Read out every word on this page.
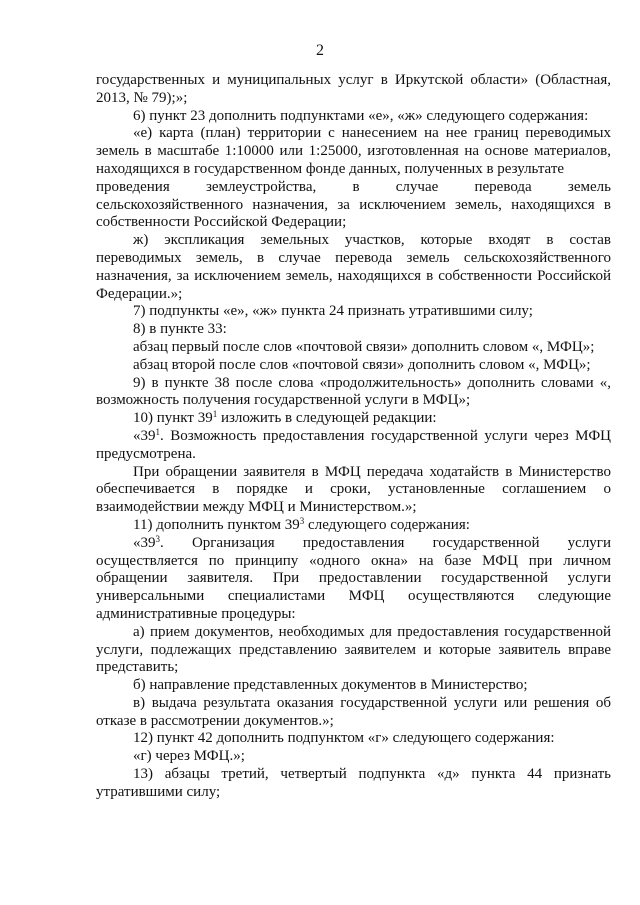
2

государственных и муниципальных услуг в Иркутской области» (Областная, 2013, № 79);»;

6) пункт 23 дополнить подпунктами «е», «ж» следующего содержания:

«е) карта (план) территории с нанесением на нее границ переводимых земель в масштабе 1:10000 или 1:25000, изготовленная на основе материалов, находящихся в государственном фонде данных, полученных в результате

проведения землеустройства, в случае перевода земель

сельскохозяйственного назначения, за исключением земель, находящихся в собственности Российской Федерации;

ж) экспликация земельных участков, которые входят в состав переводимых земель, в случае перевода земель сельскохозяйственного назначения, за исключением земель, находящихся в собственности Российской Федерации.»;

7) подпункты «е», «ж» пункта 24 признать утратившими силу;

8) в пункте 33:

абзац первый после слов «почтовой связи» дополнить словом «, МФЦ»;

абзац второй после слов «почтовой связи» дополнить словом «, МФЦ»;

9) в пункте 38 после слова «продолжительность» дополнить словами «, возможность получения государственной услуги в МФЦ»;

10) пункт $39^1$ изложить в следующей редакции:

«$39^1$. Возможность предоставления государственной услуги через МФЦ предусмотрена.

При обращении заявителя в МФЦ передача ходатайств в Министерство обеспечивается в порядке и сроки, установленные соглашением о взаимодействии между МФЦ и Министерством.»;

11) дополнить пунктом $39^3$ следующего содержания:

«$39^3$. Организация предоставления государственной услуги осуществляется по принципу «одного окна» на базе МФЦ при личном обращении заявителя. При предоставлении государственной услуги универсальными специалистами МФЦ осуществляются следующие административные процедуры:

а) прием документов, необходимых для предоставления государственной услуги, подлежащих представлению заявителем и которые заявитель вправе представить;

б) направление представленных документов в Министерство;

в) выдача результата оказания государственной услуги или решения об отказе в рассмотрении документов.»;

12) пункт 42 дополнить подпунктом «г» следующего содержания:

«г) через МФЦ.»;

13) абзацы третий, четвертый подпункта «д» пункта 44 признать утратившими силу;
